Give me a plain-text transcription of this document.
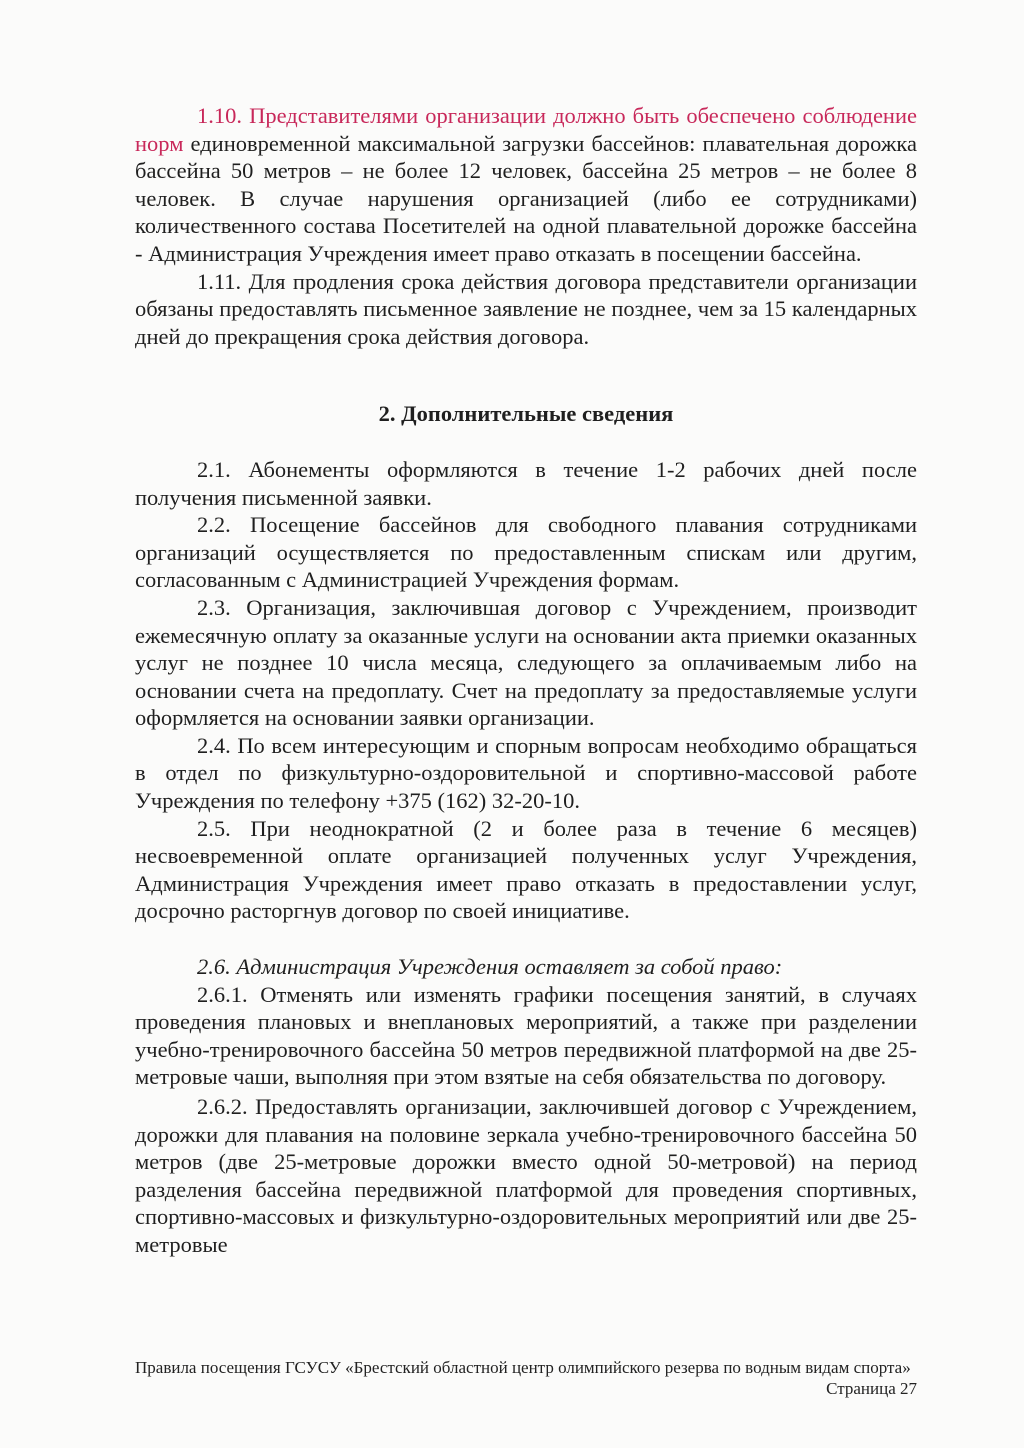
1.10. Представителями организации должно быть обеспечено соблюдение норм единовременной максимальной загрузки бассейнов: плавательная дорожка бассейна 50 метров – не более 12 человек, бассейна 25 метров – не более 8 человек. В случае нарушения организацией (либо ее сотрудниками) количественного состава Посетителей на одной плавательной дорожке бассейна - Администрация Учреждения имеет право отказать в посещении бассейна.

1.11. Для продления срока действия договора представители организации обязаны предоставлять письменное заявление не позднее, чем за 15 календарных дней до прекращения срока действия договора.

2. Дополнительные сведения

2.1. Абонементы оформляются в течение 1-2 рабочих дней после получения письменной заявки.

2.2. Посещение бассейнов для свободного плавания сотрудниками организаций осуществляется по предоставленным спискам или другим, согласованным с Администрацией Учреждения формам.

2.3. Организация, заключившая договор с Учреждением, производит ежемесячную оплату за оказанные услуги на основании акта приемки оказанных услуг не позднее 10 числа месяца, следующего за оплачиваемым либо на основании счета на предоплату. Счет на предоплату за предоставляемые услуги оформляется на основании заявки организации.

2.4. По всем интересующим и спорным вопросам необходимо обращаться в отдел по физкультурно-оздоровительной и спортивно-массовой работе Учреждения по телефону +375 (162) 32-20-10.

2.5. При неоднократной (2 и более раза в течение 6 месяцев) несвоевременной оплате организацией полученных услуг Учреждения, Администрация Учреждения имеет право отказать в предоставлении услуг, досрочно расторгнув договор по своей инициативе.

2.6. Администрация Учреждения оставляет за собой право:

2.6.1. Отменять или изменять графики посещения занятий, в случаях проведения плановых и внеплановых мероприятий, а также при разделении учебно-тренировочного бассейна 50 метров передвижной платформой на две 25-метровые чаши, выполняя при этом взятые на себя обязательства по договору.

2.6.2. Предоставлять организации, заключившей договор с Учреждением, дорожки для плавания на половине зеркала учебно-тренировочного бассейна 50 метров (две 25-метровые дорожки вместо одной 50-метровой) на период разделения бассейна передвижной платформой для проведения спортивных, спортивно-массовых и физкультурно-оздоровительных мероприятий или две 25-метровые

Правила посещения ГСУСУ «Брестский областной центр олимпийского резерва по водным видам спорта»
Страница 27
